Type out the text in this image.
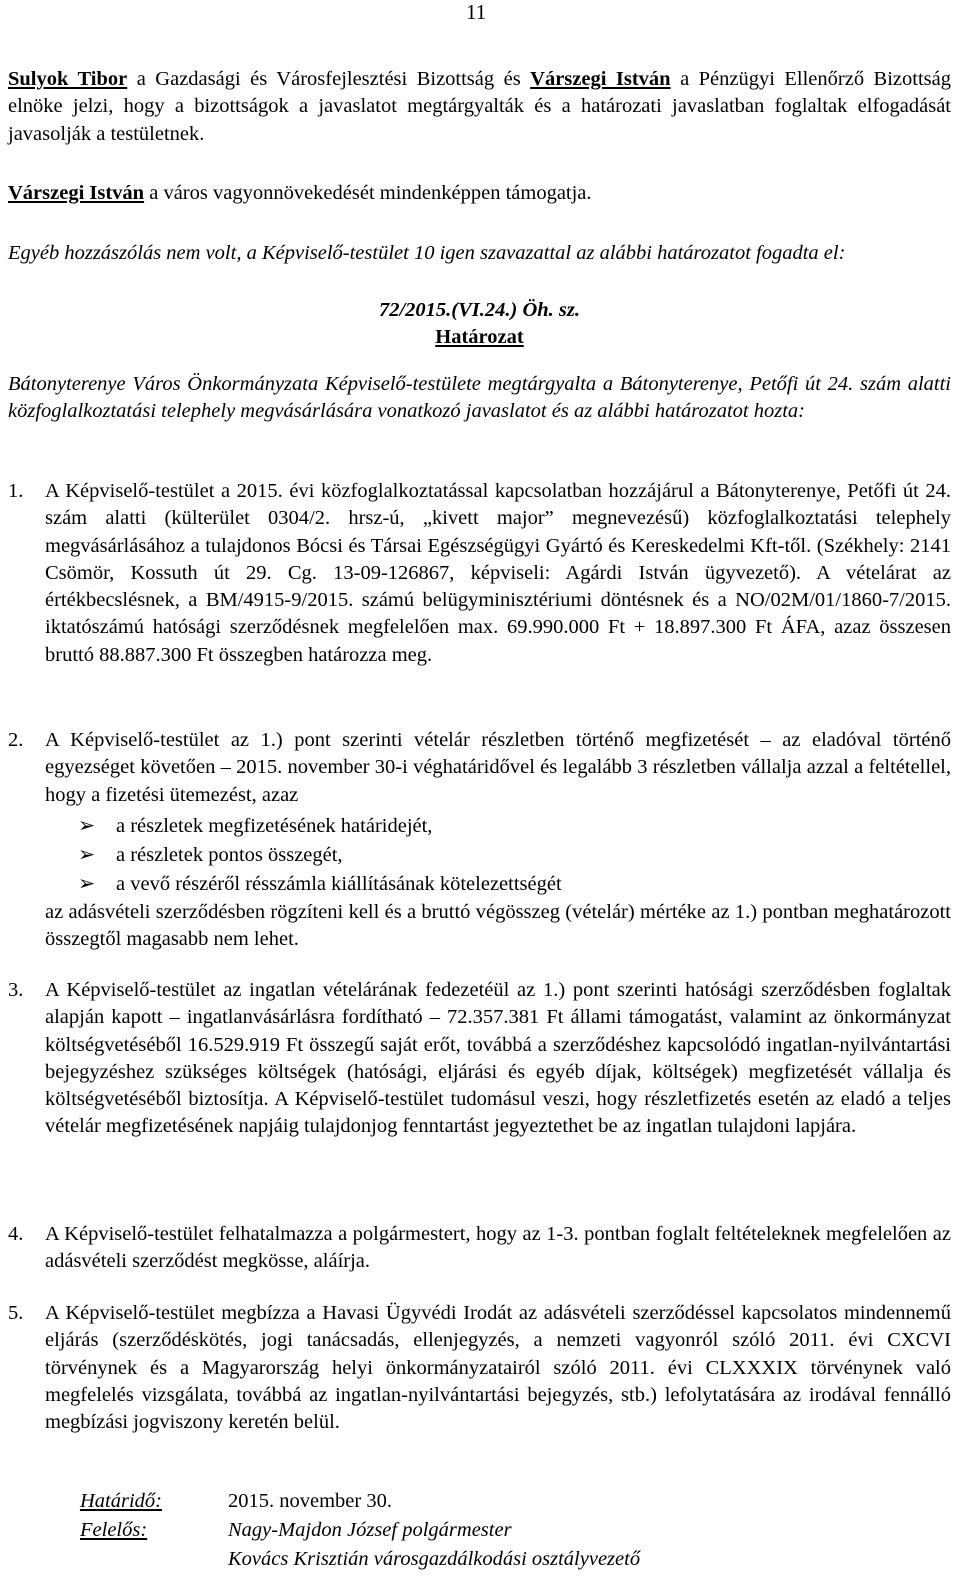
11

Sulyok Tibor a Gazdasági és Városfejlesztési Bizottság és Várszegi István a Pénzügyi Ellenőrző Bizottság elnöke jelzi, hogy a bizottságok a javaslatot megtárgyalták és a határozati javaslatban foglaltak elfogadását javasolják a testületnek.

Várszegi István a város vagyonnövekedését mindenképpen támogatja.

Egyéb hozzászólás nem volt, a Képviselő-testület 10 igen szavazattal az alábbi határozatot fogadta el:

72/2015.(VI.24.) Öh. sz.
Határozat

Bátonyterenye Város Önkormányzata Képviselő-testülete megtárgyalta a Bátonyterenye, Petőfi út 24. szám alatti közfoglalkoztatási telephely megvásárlására vonatkozó javaslatot és az alábbi határozatot hozta:

1.	A Képviselő-testület a 2015. évi közfoglalkoztatással kapcsolatban hozzájárul a Bátonyterenye, Petőfi út 24. szám alatti (külterület 0304/2. hrsz-ú, „kivett major” megnevezésű) közfoglalkoztatási telephely megvásárlásához a tulajdonos Bócsi és Társai Egészségügyi Gyártó és Kereskedelmi Kft-től. (Székhely: 2141 Csömör, Kossuth út 29. Cg. 13-09-126867, képviseli: Agárdi István ügyvezető). A vételárat az értékbecslésnek, a BM/4915-9/2015. számú belügyminisztériumi döntésnek és a NO/02M/01/1860-7/2015. iktatószámú hatósági szerződésnek megfelelően max. 69.990.000 Ft + 18.897.300 Ft ÁFA, azaz összesen bruttó 88.887.300 Ft összegben határozza meg.

2.	A Képviselő-testület az 1.) pont szerinti vételár részletben történő megfizetését – az eladóval történő egyezséget követően – 2015. november 30-i véghatáridővel és legalább 3 részletben vállalja azzal a feltétellel, hogy a fizetési ütemezést, azaz

➢ a részletek megfizetésének határidejét,
➢ a részletek pontos összegét,
➢ a vevő részéről résszámla kiállításának kötelezettségét

az adásvételi szerződésben rögzíteni kell és a bruttó végösszeg (vételár) mértéke az 1.) pontban meghatározott összegtől magasabb nem lehet.

3.	A Képviselő-testület az ingatlan vételárának fedezetéül az 1.) pont szerinti hatósági szerződésben foglaltak alapján kapott – ingatlanvásárlásra fordítható – 72.357.381 Ft állami támogatást, valamint az önkormányzat költségvetéséből 16.529.919 Ft összegű saját erőt, továbbá a szerződéshez kapcsolódó ingatlan-nyilvántartási bejegyzéshez szükséges költségek (hatósági, eljárási és egyéb díjak, költségek) megfizetését vállalja és költségvetéséből biztosítja. A Képviselő-testület tudomásul veszi, hogy részletfizetés esetén az eladó a teljes vételár megfizetésének napjáig tulajdonjog fenntartást jegyeztethet be az ingatlan tulajdoni lapjára.

4.	A Képviselő-testület felhatalmazza a polgármestert, hogy az 1-3. pontban foglalt feltételeknek megfelelően az adásvételi szerződést megkösse, aláírja.

5.	A Képviselő-testület megbízza a Havasi Ügyvédi Irodát az adásvételi szerződéssel kapcsolatos mindennemű eljárás (szerződéskötés, jogi tanácsadás, ellenjegyzés, a nemzeti vagyonról szóló 2011. évi CXCVI törvénynek és a Magyarország helyi önkormányzatairól szóló 2011. évi CLXXXIX törvénynek való megfelelés vizsgálata, továbbá az ingatlan-nyilvántartási bejegyzés, stb.) lefolytatására az irodával fennálló megbízási jogviszony keretén belül.

Határidő:	2015. november 30.
Felelős:	Nagy-Majdon József polgármester
Kovács Krisztián városgazdálkodási osztályvezető
